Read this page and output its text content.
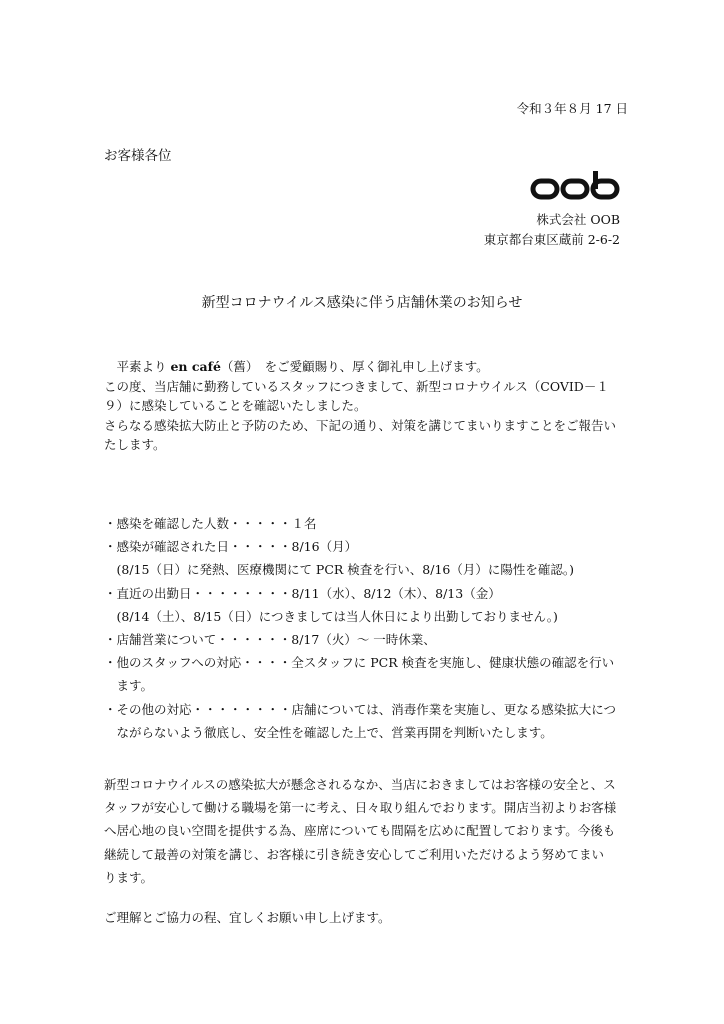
令和３年８月 17 日
お客様各位
株式会社 OOB
東京都台東区蔵前 2-6-2
新型コロナウイルス感染に伴う店舗休業のお知らせ

　平素より en café（舊）　をご愛顧賜り、厚く御礼申し上げます。

この度、当店舗に勤務しているスタッフにつきまして、新型コロナウイルス（COVID－１

９）に感染していることを確認いたしました。

さらなる感染拡大防止と予防のため、下記の通り、対策を講じてまいりますことをご報告い

たします。

・感染を確認した人数・・・・・１名

・感染が確認された日・・・・・8/16（月）

　(8/15（日）に発熱、医療機関にて PCR 検査を行い、8/16（月）に陽性を確認。)

・直近の出勤日・・・・・・・・8/11（水）、8/12（木）、8/13（金）

　(8/14（土）、8/15（日）につきましては当人休日により出勤しておりません。)

・店舗営業について・・・・・・8/17（火）～ 一時休業、

・他のスタッフへの対応・・・・全スタッフに PCR 検査を実施し、健康状態の確認を行い

　ます。

・その他の対応・・・・・・・・店舗については、消毒作業を実施し、更なる感染拡大につ

　ながらないよう徹底し、安全性を確認した上で、営業再開を判断いたします。

新型コロナウイルスの感染拡大が懸念されるなか、当店におきましてはお客様の安全と、ス

タッフが安心して働ける職場を第一に考え、日々取り組んでおります。開店当初よりお客様

へ居心地の良い空間を提供する為、座席についても間隔を広めに配置しております。今後も

継続して最善の対策を講じ、お客様に引き続き安心してご利用いただけるよう努めてまい

ります。

ご理解とご協力の程、宜しくお願い申し上げます。
